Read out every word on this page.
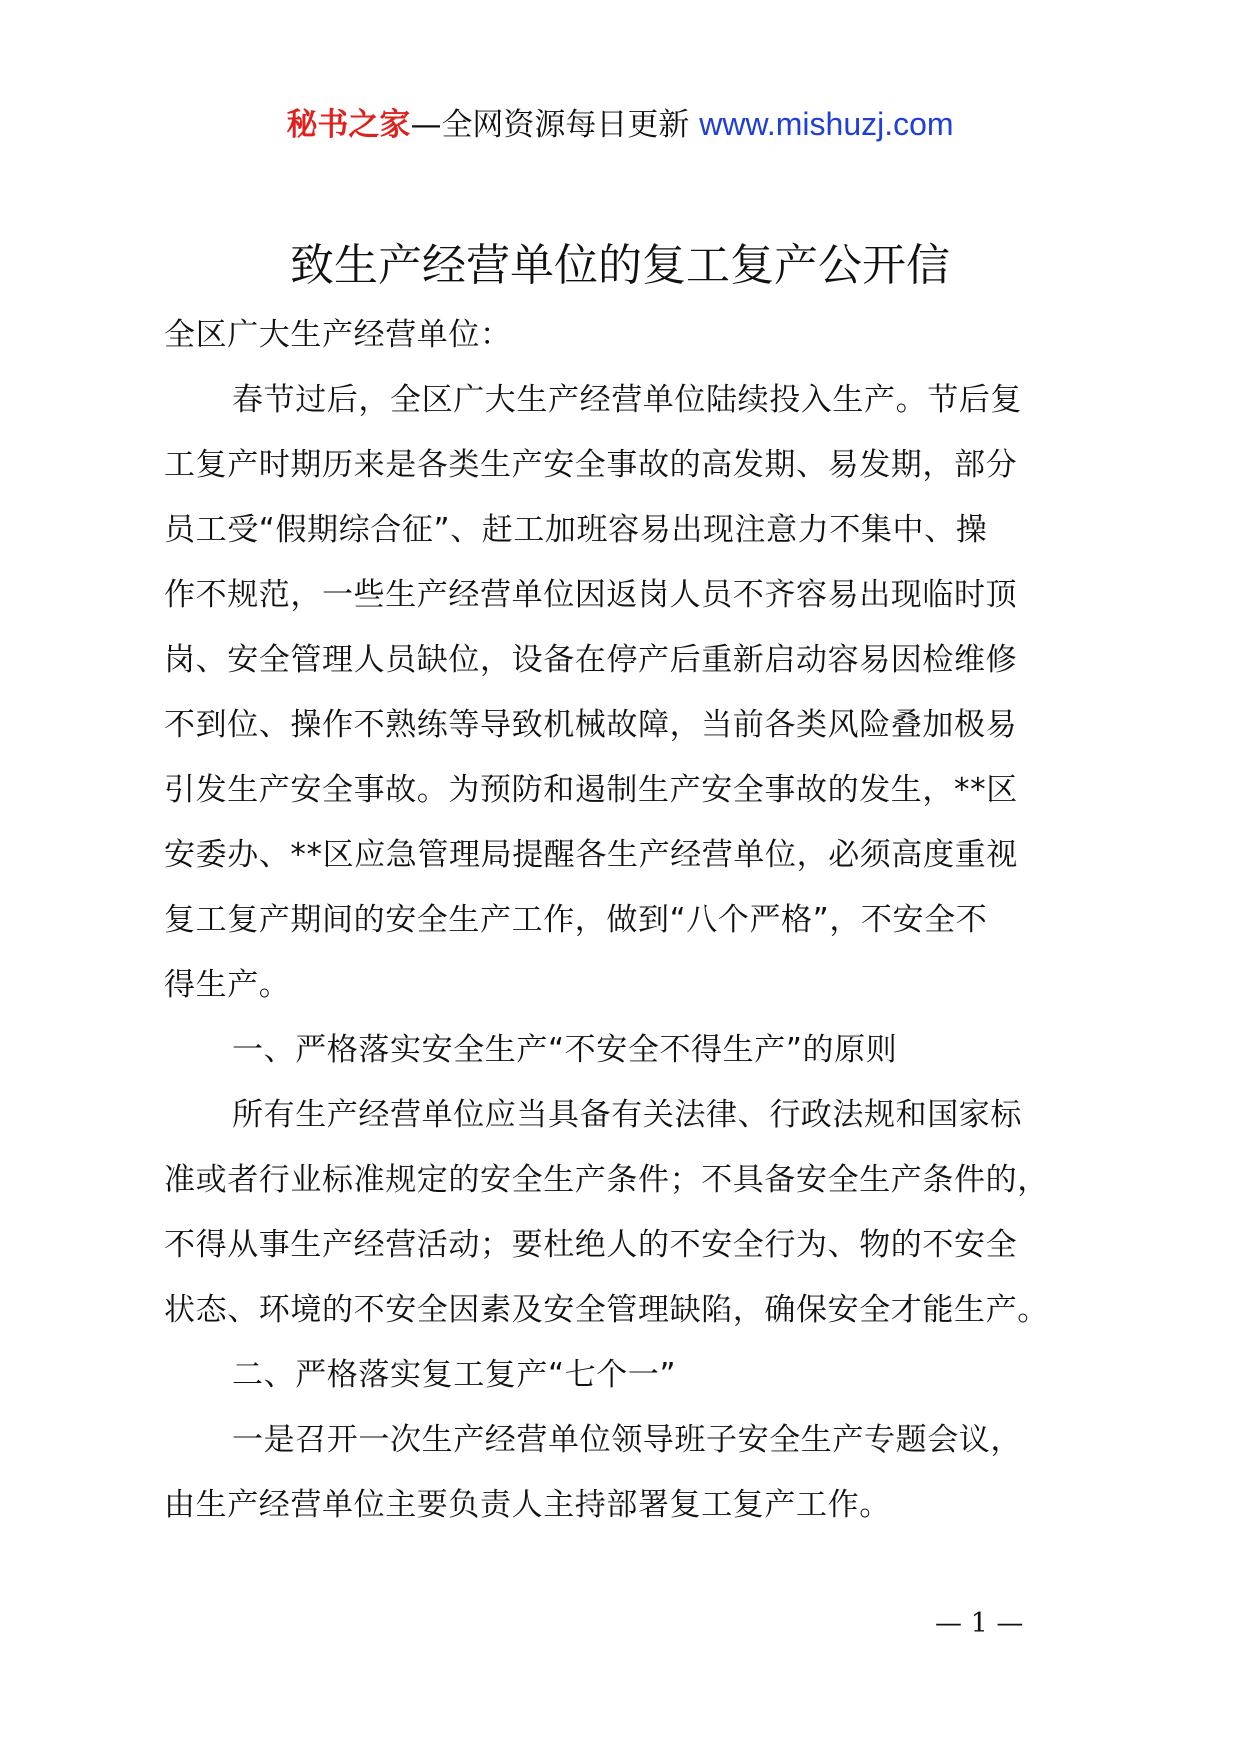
秘书之家—全网资源每日更新 www.mishuzj.com
致生产经营单位的复工复产公开信
全区广大生产经营单位：
春节过后，全区广大生产经营单位陆续投入生产。节后复
工复产时期历来是各类生产安全事故的高发期、易发期，部分
员工受“假期综合征”、赶工加班容易出现注意力不集中、操
作不规范，一些生产经营单位因返岗人员不齐容易出现临时顶
岗、安全管理人员缺位，设备在停产后重新启动容易因检维修
不到位、操作不熟练等导致机械故障，当前各类风险叠加极易
引发生产安全事故。为预防和遏制生产安全事故的发生，**区
安委办、**区应急管理局提醒各生产经营单位，必须高度重视
复工复产期间的安全生产工作，做到“八个严格”，不安全不
得生产。
一、严格落实安全生产“不安全不得生产”的原则
所有生产经营单位应当具备有关法律、行政法规和国家标
准或者行业标准规定的安全生产条件；不具备安全生产条件的，
不得从事生产经营活动；要杜绝人的不安全行为、物的不安全
状态、环境的不安全因素及安全管理缺陷，确保安全才能生产。
二、严格落实复工复产“七个一”
一是召开一次生产经营单位领导班子安全生产专题会议，
由生产经营单位主要负责人主持部署复工复产工作。
— 1 —
